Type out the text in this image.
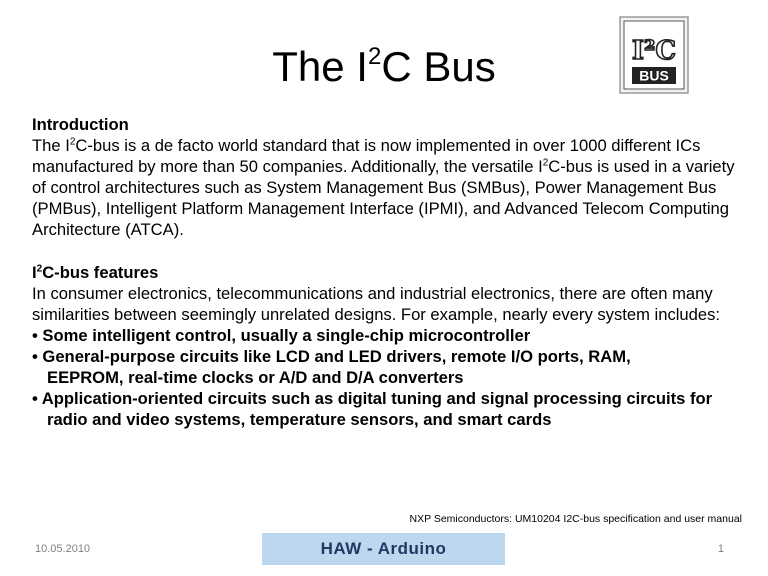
The $I^2C$ Bus	I²C
BUS

Introduction

The $I^2C$-bus is a de facto world standard that is now implemented in over 1000 different ICs manufactured by more than 50 companies. Additionally, the versatile $I^2C$-bus is used in a variety of control architectures such as System Management Bus (SMBus), Power Management Bus (PMBus), Intelligent Platform Management Interface (IPMI), and Advanced Telecom Computing Architecture (ATCA).

$I^2C$-bus features

In consumer electronics, telecommunications and industrial electronics, there are often many similarities between seemingly unrelated designs. For example, nearly every system includes:

• Some intelligent control, usually a single-chip microcontroller

• General-purpose circuits like LCD and LED drivers, remote I/O ports, RAM,
EEPROM, real-time clocks or A/D and D/A converters

• Application-oriented circuits such as digital tuning and signal processing circuits for
radio and video systems, temperature sensors, and smart cards

NXP Semiconductors: UM10204 I2C-bus specification and user manual
10.05.2010	HAW - Arduino	1
